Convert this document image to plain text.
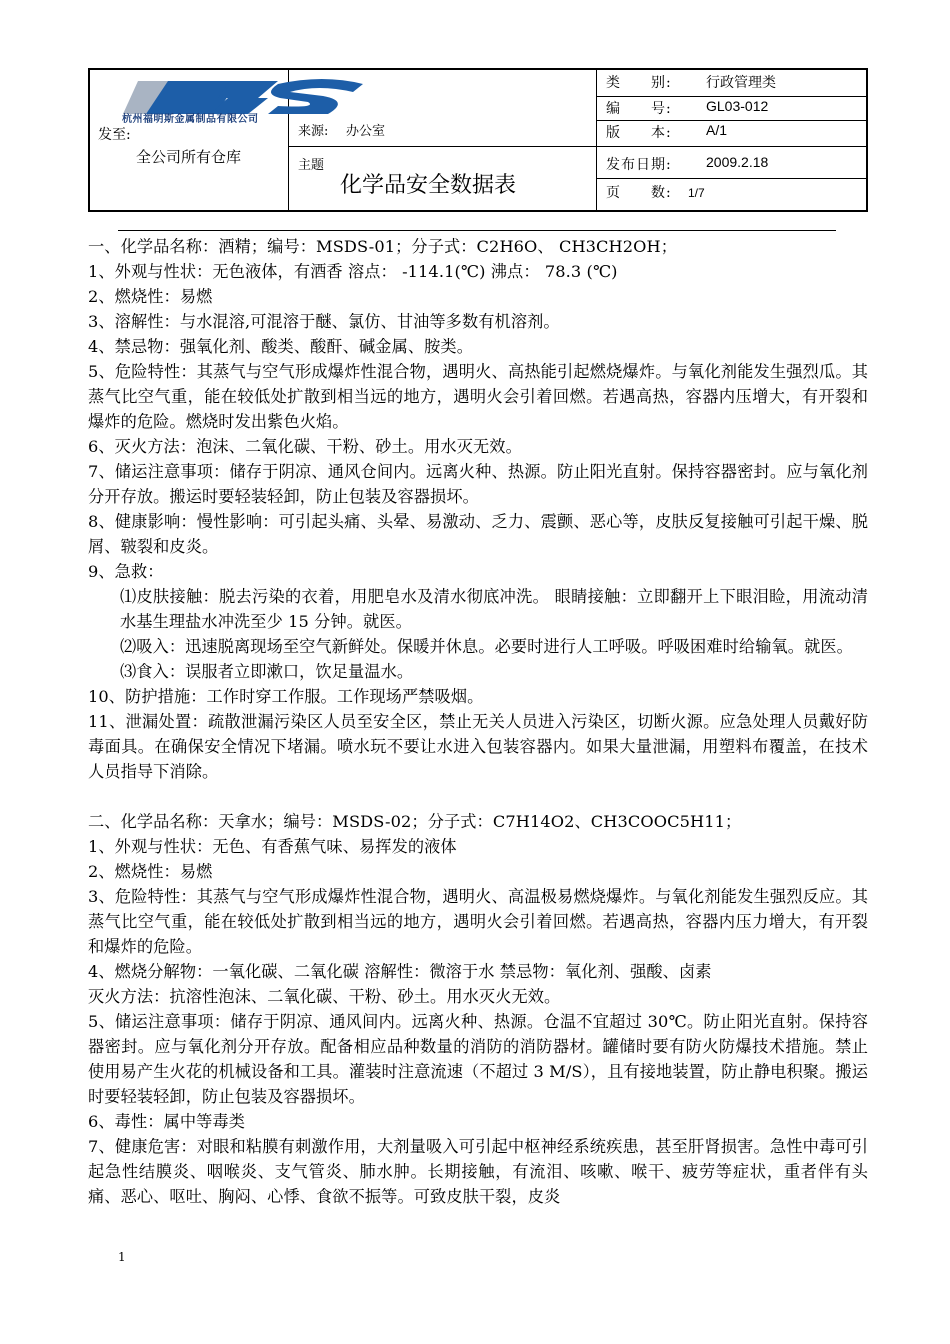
杭州福明斯金属制品有限公司
发至:
全公司所有仓库
来源: 办公室
主题
化学品安全数据表
类　　别: 行政管理类
编　　号: GL03-012
版　　本: A/1
发布日期: 2009.2.18
页　　数: 1/7

一、化学品名称：酒精；编号：MSDS-01；分子式：C2H6O、 CH3CH2OH；

1、外观与性状：无色液体，有酒香 溶点： -114.1(℃) 沸点： 78.3 (℃)

2、燃烧性：易燃

3、溶解性：与水混溶,可混溶于醚、氯仿、甘油等多数有机溶剂。

4、禁忌物：强氧化剂、酸类、酸酐、碱金属、胺类。

5、危险特性：其蒸气与空气形成爆炸性混合物，遇明火、高热能引起燃烧爆炸。与氧化剂能发生强烈瓜。其蒸气比空气重，能在较低处扩散到相当远的地方，遇明火会引着回燃。若遇高热，容器内压增大，有开裂和爆炸的危险。燃烧时发出紫色火焰。

6、灭火方法：泡沫、二氧化碳、干粉、砂土。用水灭无效。

7、储运注意事项：储存于阴凉、通风仓间内。远离火种、热源。防止阳光直射。保持容器密封。应与氧化剂分开存放。搬运时要轻装轻卸，防止包装及容器损坏。

8、健康影响：慢性影响：可引起头痛、头晕、易激动、乏力、震颤、恶心等，皮肤反复接触可引起干燥、脱屑、皲裂和皮炎。

9、急救：

⑴皮肤接触：脱去污染的衣着，用肥皂水及清水彻底冲洗。 眼睛接触：立即翻开上下眼泪睑，用流动清水基生理盐水冲洗至少 15 分钟。就医。

⑵吸入：迅速脱离现场至空气新鲜处。保暖并休息。必要时进行人工呼吸。呼吸困难时给输氧。就医。

⑶食入：误服者立即漱口，饮足量温水。

10、防护措施：工作时穿工作服。工作现场严禁吸烟。

11、泄漏处置：疏散泄漏污染区人员至安全区，禁止无关人员进入污染区，切断火源。应急处理人员戴好防毒面具。在确保安全情况下堵漏。喷水玩不要让水进入包装容器内。如果大量泄漏，用塑料布覆盖，在技术人员指导下消除。

二、化学品名称：天拿水；编号：MSDS-02；分子式：C7H14O2、CH3COOC5H11；

1、外观与性状：无色、有香蕉气味、易挥发的液体

2、燃烧性：易燃

3、危险特性：其蒸气与空气形成爆炸性混合物，遇明火、高温极易燃烧爆炸。与氧化剂能发生强烈反应。其蒸气比空气重，能在较低处扩散到相当远的地方，遇明火会引着回燃。若遇高热，容器内压力增大，有开裂和爆炸的危险。

4、燃烧分解物：一氧化碳、二氧化碳 溶解性：微溶于水 禁忌物：氧化剂、强酸、卤素

灭火方法：抗溶性泡沫、二氧化碳、干粉、砂土。用水灭火无效。

5、储运注意事项：储存于阴凉、通风间内。远离火种、热源。仓温不宜超过 30℃。防止阳光直射。保持容器密封。应与氧化剂分开存放。配备相应品种数量的消防的消防器材。罐储时要有防火防爆技术措施。禁止使用易产生火花的机械设备和工具。灌装时注意流速（不超过 3 M/S），且有接地装置，防止静电积聚。搬运时要轻装轻卸，防止包装及容器损坏。

6、毒性：属中等毒类

7、健康危害：对眼和粘膜有刺激作用，大剂量吸入可引起中枢神经系统疾患，甚至肝肾损害。急性中毒可引起急性结膜炎、咽喉炎、支气管炎、肺水肿。长期接触，有流泪、咳嗽、喉干、疲劳等症状，重者伴有头痛、恶心、呕吐、胸闷、心悸、食欲不振等。可致皮肤干裂，皮炎

1
